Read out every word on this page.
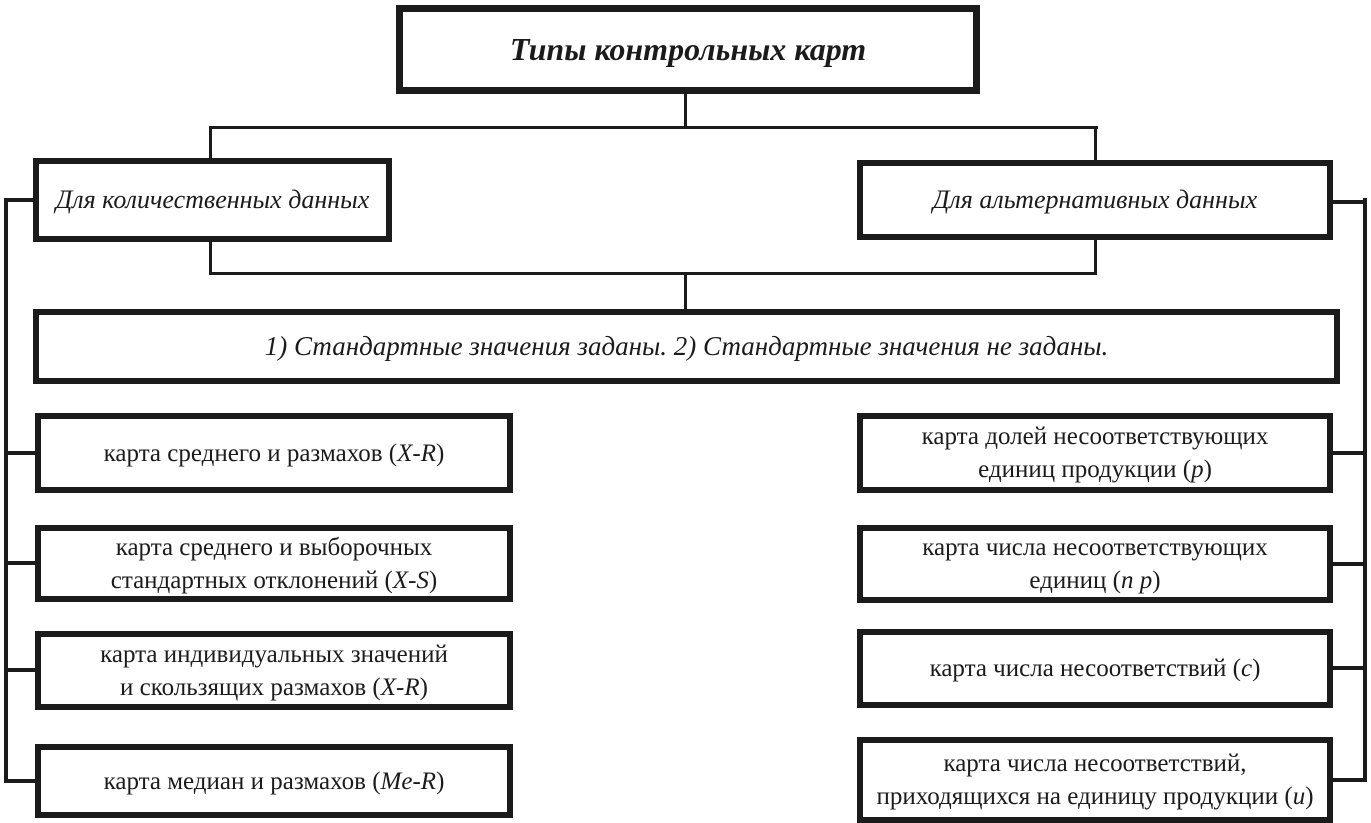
Типы контрольных карт
Для количественных данных	Для альтернативных данных
1) Стандартные значения заданы. 2) Стандартные значения не заданы.
карта среднего и размахов (X-R)
карта среднего и выборочных
стандартных отклонений (X-S)
карта индивидуальных значений
и скользящих размахов (X-R)
карта медиан и размахов (Me-R)
карта долей несоответствующих
единиц продукции (p)
карта числа несоответствующих
единиц (n p)
карта числа несоответствий (c)
карта числа несоответствий,
приходящихся на единицу продукции (u)
